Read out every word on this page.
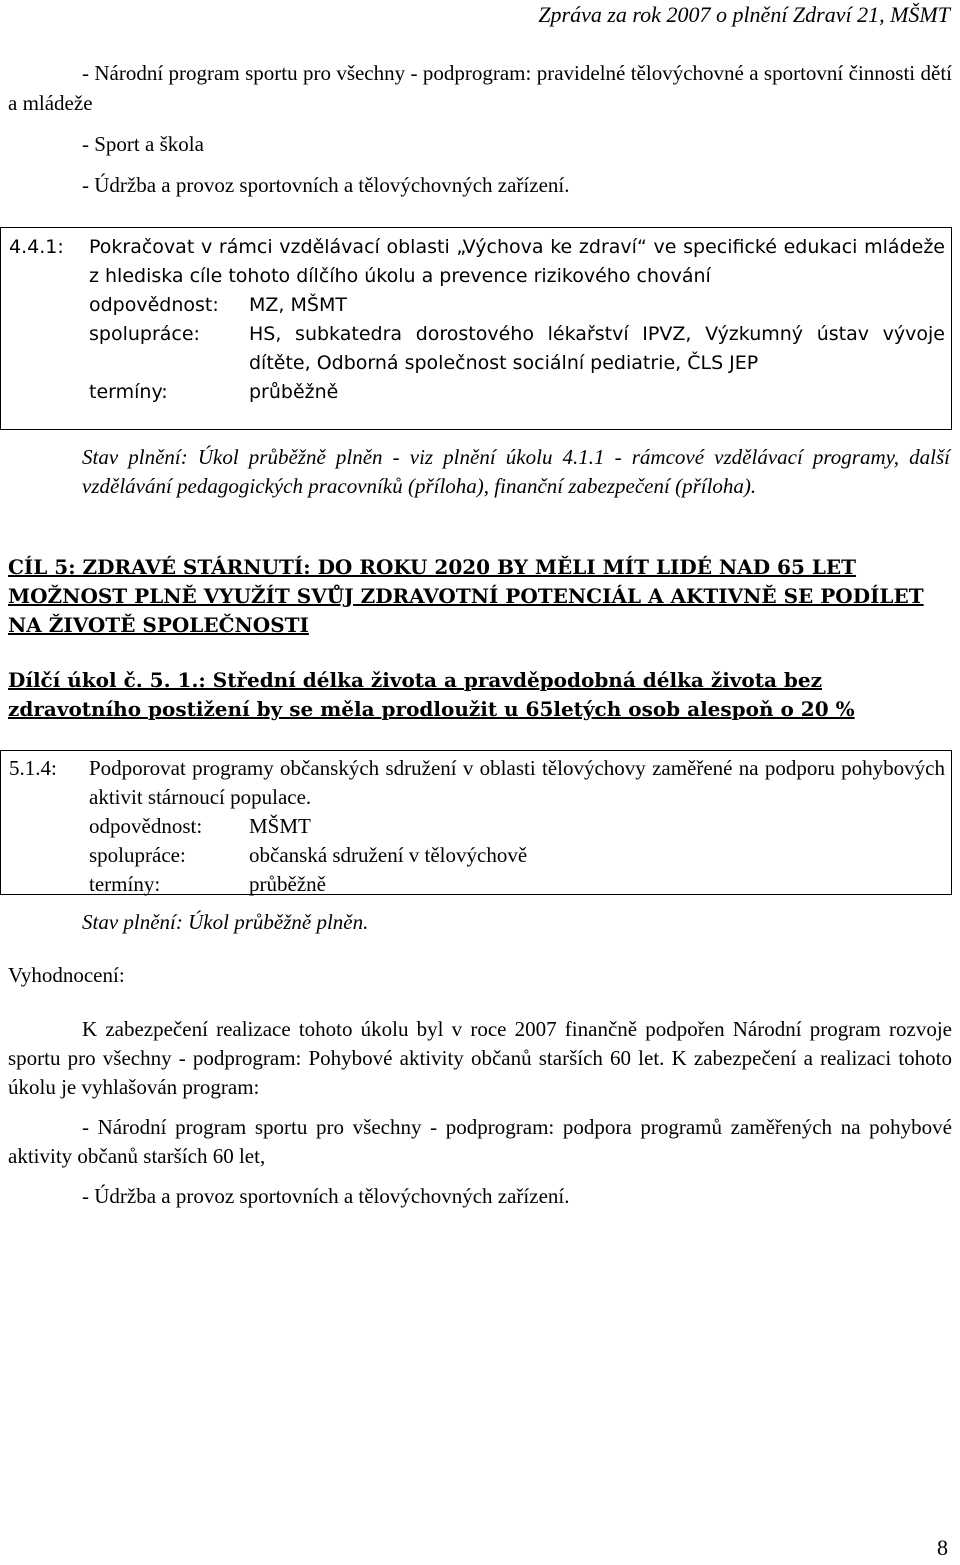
Zpráva za rok 2007 o plnění Zdraví 21, MŠMT

- Národní program sportu pro všechny - podprogram: pravidelné tělovýchovné a sportovní činnosti dětí a mládeže

- Sport a škola

- Údržba a provoz sportovních a tělovýchovných zařízení.

4.4.1:	Pokračovat v rámci vzdělávací oblasti „Výchova ke zdraví“ ve specifické edukaci mládeže z hlediska cíle tohoto dílčího úkolu a prevence rizikového chování
odpovědnost:	MZ, MŠMT
spolupráce:	HS, subkatedra dorostového lékařství IPVZ, Výzkumný ústav vývoje dítěte, Odborná společnost sociální pediatrie, ČLS JEP
termíny:	průběžně
Stav plnění: Úkol průběžně plněn - viz plnění úkolu 4.1.1 - rámcové vzdělávací programy, další vzdělávání pedagogických pracovníků (příloha), finanční zabezpečení (příloha).
CÍL 5: ZDRAVÉ STÁRNUTÍ: DO ROKU 2020 BY MĚLI MÍT LIDÉ NAD 65 LET MOŽNOST PLNĚ VYUŽÍT SVŮJ ZDRAVOTNÍ POTENCIÁL A AKTIVNĚ SE PODÍLET NA ŽIVOTĚ SPOLEČNOSTI
Dílčí úkol č. 5. 1.: Střední délka života a pravděpodobná délka života bez zdravotního postižení by se měla prodloužit u 65letých osob alespoň o 20 %
5.1.4:	Podporovat programy občanských sdružení v oblasti tělovýchovy zaměřené na podporu pohybových aktivit stárnoucí populace.
odpovědnost:	MŠMT
spolupráce:	občanská sdružení v tělovýchově
termíny:	průběžně
Stav plnění: Úkol průběžně plněn.
Vyhodnocení:

K zabezpečení realizace tohoto úkolu byl v roce 2007 finančně podpořen Národní program rozvoje sportu pro všechny - podprogram: Pohybové aktivity občanů starších 60 let. K zabezpečení a realizaci tohoto úkolu je vyhlašován program:

- Národní program sportu pro všechny - podprogram: podpora programů zaměřených na pohybové aktivity občanů starších 60 let,

- Údržba a provoz sportovních a tělovýchovných zařízení.

8
